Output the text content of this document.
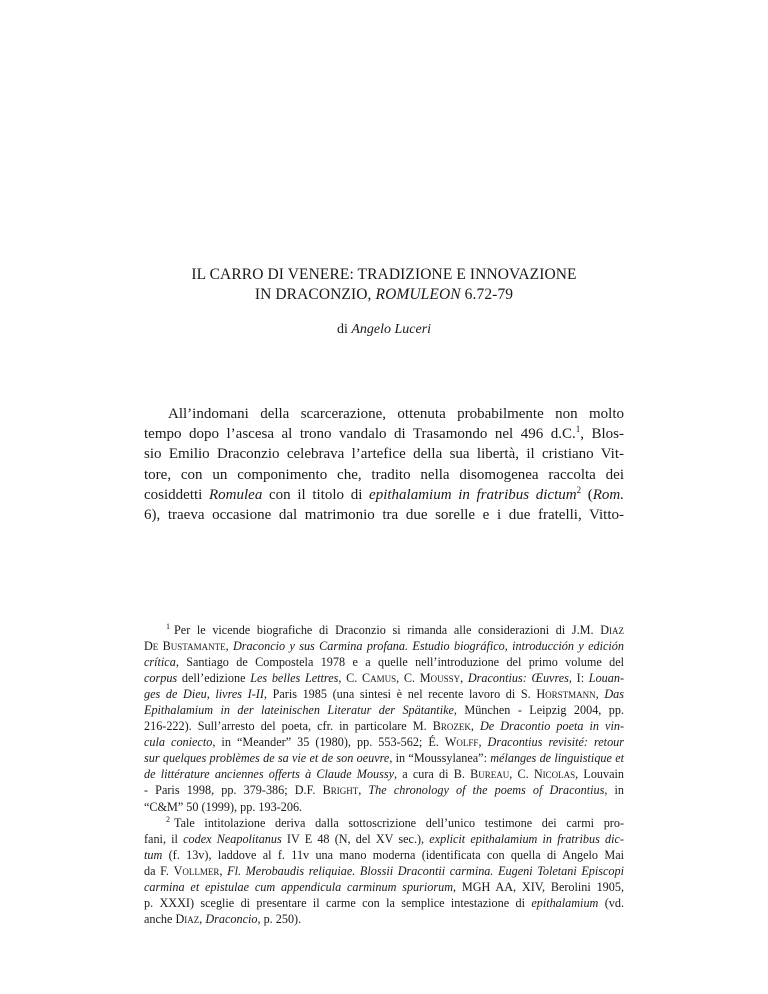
IL CARRO DI VENERE: TRADIZIONE E INNOVAZIONE
IN DRACONZIO, ROMULEON 6.72-79

di Angelo Luceri

All’indomani della scarcerazione, ottenuta probabilmente non molto
tempo dopo l’ascesa al trono vandalo di Trasamondo nel 496 d.C.$^1$, Blos-
sio Emilio Draconzio celebrava l’artefice della sua libertà, il cristiano Vit-
tore, con un componimento che, tradito nella disomogenea raccolta dei
cosiddetti Romulea con il titolo di epithalamium in fratribus dictum$^2$ (Rom.
6), traeva occasione dal matrimonio tra due sorelle e i due fratelli, Vitto-
$^1$ Per le vicende biografiche di Draconzio si rimanda alle considerazioni di J.M. Diaz
De Bustamante, Draconcio y sus Carmina profana. Estudio biográfico, introducción y edición
crítica, Santiago de Compostela 1978 e a quelle nell’introduzione del primo volume del
corpus dell’edizione Les belles Lettres, C. Camus, C. Moussy, Dracontius: Œuvres, I: Louan-
ges de Dieu, livres I-II, Paris 1985 (una sintesi è nel recente lavoro di S. Horstmann, Das
Epithalamium in der lateinischen Literatur der Spätantike, München - Leipzig 2004, pp.
216-222). Sull’arresto del poeta, cfr. in particolare M. Brozek, De Dracontio poeta in vin-
cula coniecto, in “Meander” 35 (1980), pp. 553-562; É. Wolff, Dracontius revisité: retour
sur quelques problèmes de sa vie et de son oeuvre, in “Moussylanea”: mélanges de linguistique et
de littérature anciennes offerts à Claude Moussy, a cura di B. Bureau, C. Nicolas, Louvain
- Paris 1998, pp. 379-386; D.F. Bright, The chronology of the poems of Dracontius, in
“C&M” 50 (1999), pp. 193-206.
$^2$ Tale intitolazione deriva dalla sottoscrizione dell’unico testimone dei carmi pro-
fani, il codex Neapolitanus IV E 48 (N, del XV sec.), explicit epithalamium in fratribus dic-
tum (f. 13v), laddove al f. 11v una mano moderna (identificata con quella di Angelo Mai
da F. Vollmer, Fl. Merobaudis reliquiae. Blossii Dracontii carmina. Eugeni Toletani Episcopi
carmina et epistulae cum appendicula carminum spuriorum, MGH AA, XIV, Berolini 1905,
p. XXXI) sceglie di presentare il carme con la semplice intestazione di epithalamium (vd.
anche Diaz, Draconcio, p. 250).
